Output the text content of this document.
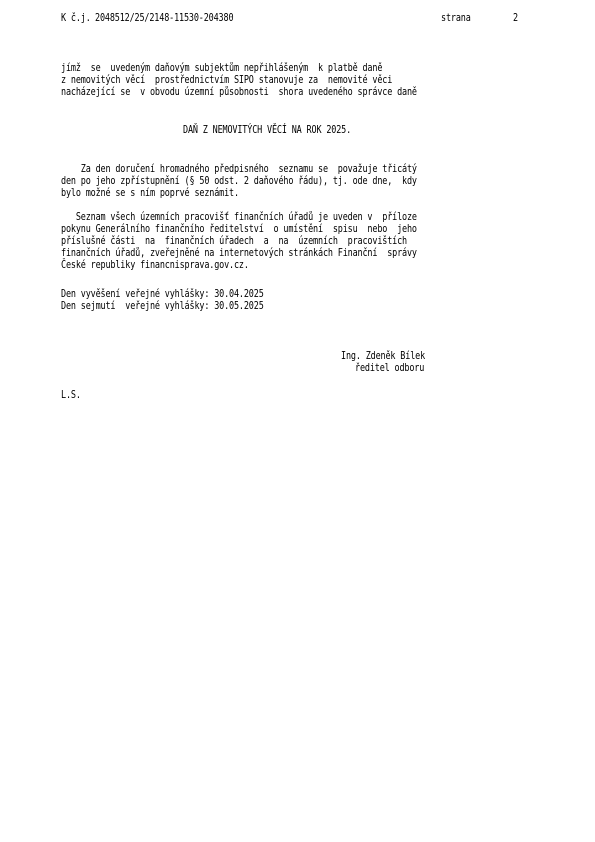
K č.j. 2048512/25/2148-11530-204380	strana	2
jímž  se  uvedeným daňovým subjektům nepřihlášeným  k platbě daně
z nemovitých věcí  prostřednictvím SIPO stanovuje za  nemovité věci
nacházející se  v obvodu územní působnosti  shora uvedeného správce daně
DAŇ Z NEMOVITÝCH VĚCÍ NA ROK 2025.
Za den doručení hromadného předpisného  seznamu se  považuje třicátý
den po jeho zpřístupnění (§ 50 odst. 2 daňového řádu), tj. ode dne,  kdy
bylo možné se s ním poprvé seznámit.
Seznam všech územních pracovišť finančních úřadů je uveden v  příloze
pokynu Generálního finančního ředitelství  o umístění  spisu  nebo  jeho
příslušné části  na  finančních úřadech  a  na  územních  pracovištích
finančních úřadů, zveřejněné na internetových stránkách Finanční  správy
České republiky financnisprava.gov.cz.
Den vyvěšení veřejné vyhlášky: 30.04.2025
Den sejmutí  veřejné vyhlášky: 30.05.2025
Ing. Zdeněk Bílek
ředitel odboru
L.S.
